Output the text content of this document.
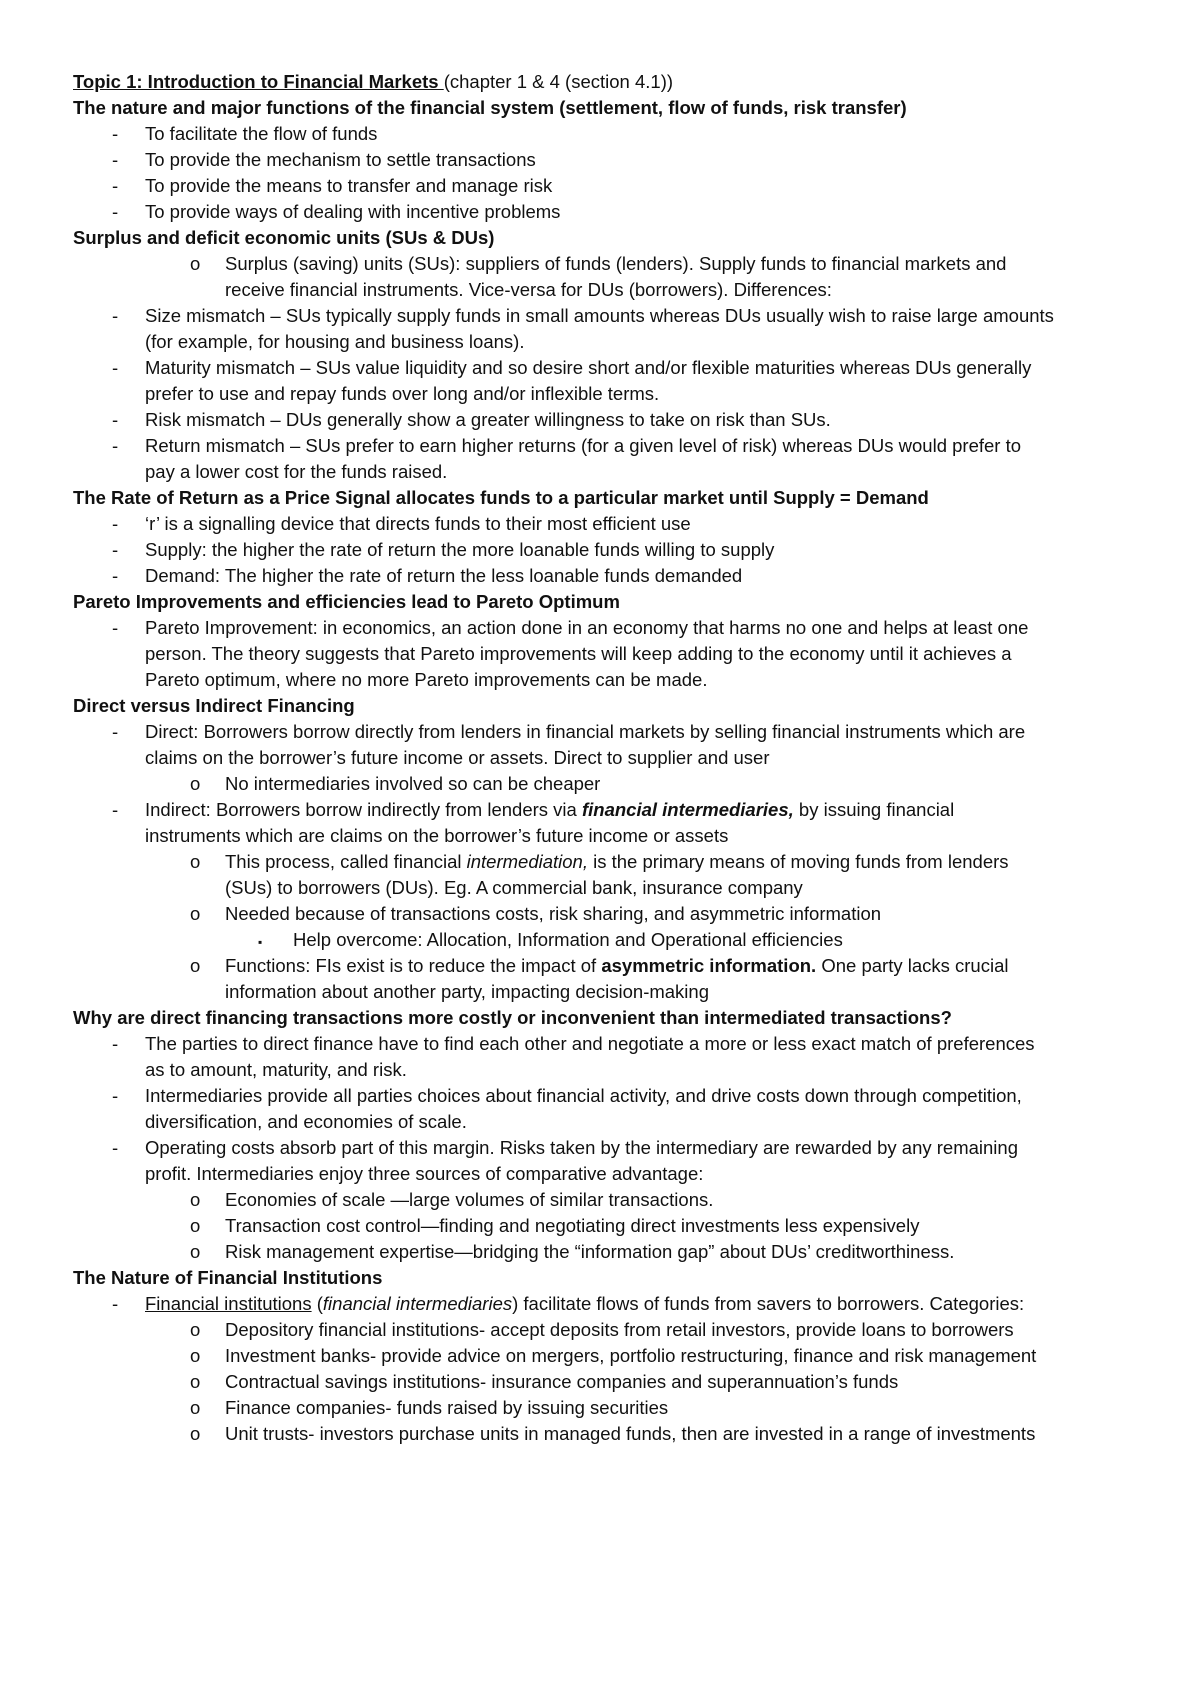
Topic 1: Introduction to Financial Markets (chapter 1 & 4 (section 4.1))
The nature and major functions of the financial system (settlement, flow of funds, risk transfer)
- To facilitate the flow of funds
- To provide the mechanism to settle transactions
- To provide the means to transfer and manage risk
- To provide ways of dealing with incentive problems
Surplus and deficit economic units (SUs & DUs)
o Surplus (saving) units (SUs): suppliers of funds (lenders). Supply funds to financial markets and
receive financial instruments. Vice-versa for DUs (borrowers). Differences:
- Size mismatch – SUs typically supply funds in small amounts whereas DUs usually wish to raise large amounts
(for example, for housing and business loans).
- Maturity mismatch – SUs value liquidity and so desire short and/or flexible maturities whereas DUs generally
prefer to use and repay funds over long and/or inflexible terms.
- Risk mismatch – DUs generally show a greater willingness to take on risk than SUs.
- Return mismatch – SUs prefer to earn higher returns (for a given level of risk) whereas DUs would prefer to
pay a lower cost for the funds raised.
The Rate of Return as a Price Signal allocates funds to a particular market until Supply = Demand
- ‘r’ is a signalling device that directs funds to their most efficient use
- Supply: the higher the rate of return the more loanable funds willing to supply
- Demand: The higher the rate of return the less loanable funds demanded
Pareto Improvements and efficiencies lead to Pareto Optimum
- Pareto Improvement: in economics, an action done in an economy that harms no one and helps at least one
person. The theory suggests that Pareto improvements will keep adding to the economy until it achieves a
Pareto optimum, where no more Pareto improvements can be made.
Direct versus Indirect Financing
- Direct: Borrowers borrow directly from lenders in financial markets by selling financial instruments which are
claims on the borrower’s future income or assets. Direct to supplier and user
o No intermediaries involved so can be cheaper
- Indirect: Borrowers borrow indirectly from lenders via financial intermediaries, by issuing financial
instruments which are claims on the borrower’s future income or assets
o This process, called financial intermediation, is the primary means of moving funds from lenders
(SUs) to borrowers (DUs). Eg. A commercial bank, insurance company
o Needed because of transactions costs, risk sharing, and asymmetric information
▪ Help overcome: Allocation, Information and Operational efficiencies
o Functions: FIs exist is to reduce the impact of asymmetric information. One party lacks crucial
information about another party, impacting decision-making
Why are direct financing transactions more costly or inconvenient than intermediated transactions?
- The parties to direct finance have to find each other and negotiate a more or less exact match of preferences
as to amount, maturity, and risk.
- Intermediaries provide all parties choices about financial activity, and drive costs down through competition,
diversification, and economies of scale.
- Operating costs absorb part of this margin. Risks taken by the intermediary are rewarded by any remaining
profit. Intermediaries enjoy three sources of comparative advantage:
o Economies of scale —large volumes of similar transactions.
o Transaction cost control—finding and negotiating direct investments less expensively
o Risk management expertise—bridging the “information gap” about DUs’ creditworthiness.
The Nature of Financial Institutions
- Financial institutions (financial intermediaries) facilitate flows of funds from savers to borrowers. Categories:
o Depository financial institutions- accept deposits from retail investors, provide loans to borrowers
o Investment banks- provide advice on mergers, portfolio restructuring, finance and risk management
o Contractual savings institutions- insurance companies and superannuation’s funds
o Finance companies- funds raised by issuing securities
o Unit trusts- investors purchase units in managed funds, then are invested in a range of investments
